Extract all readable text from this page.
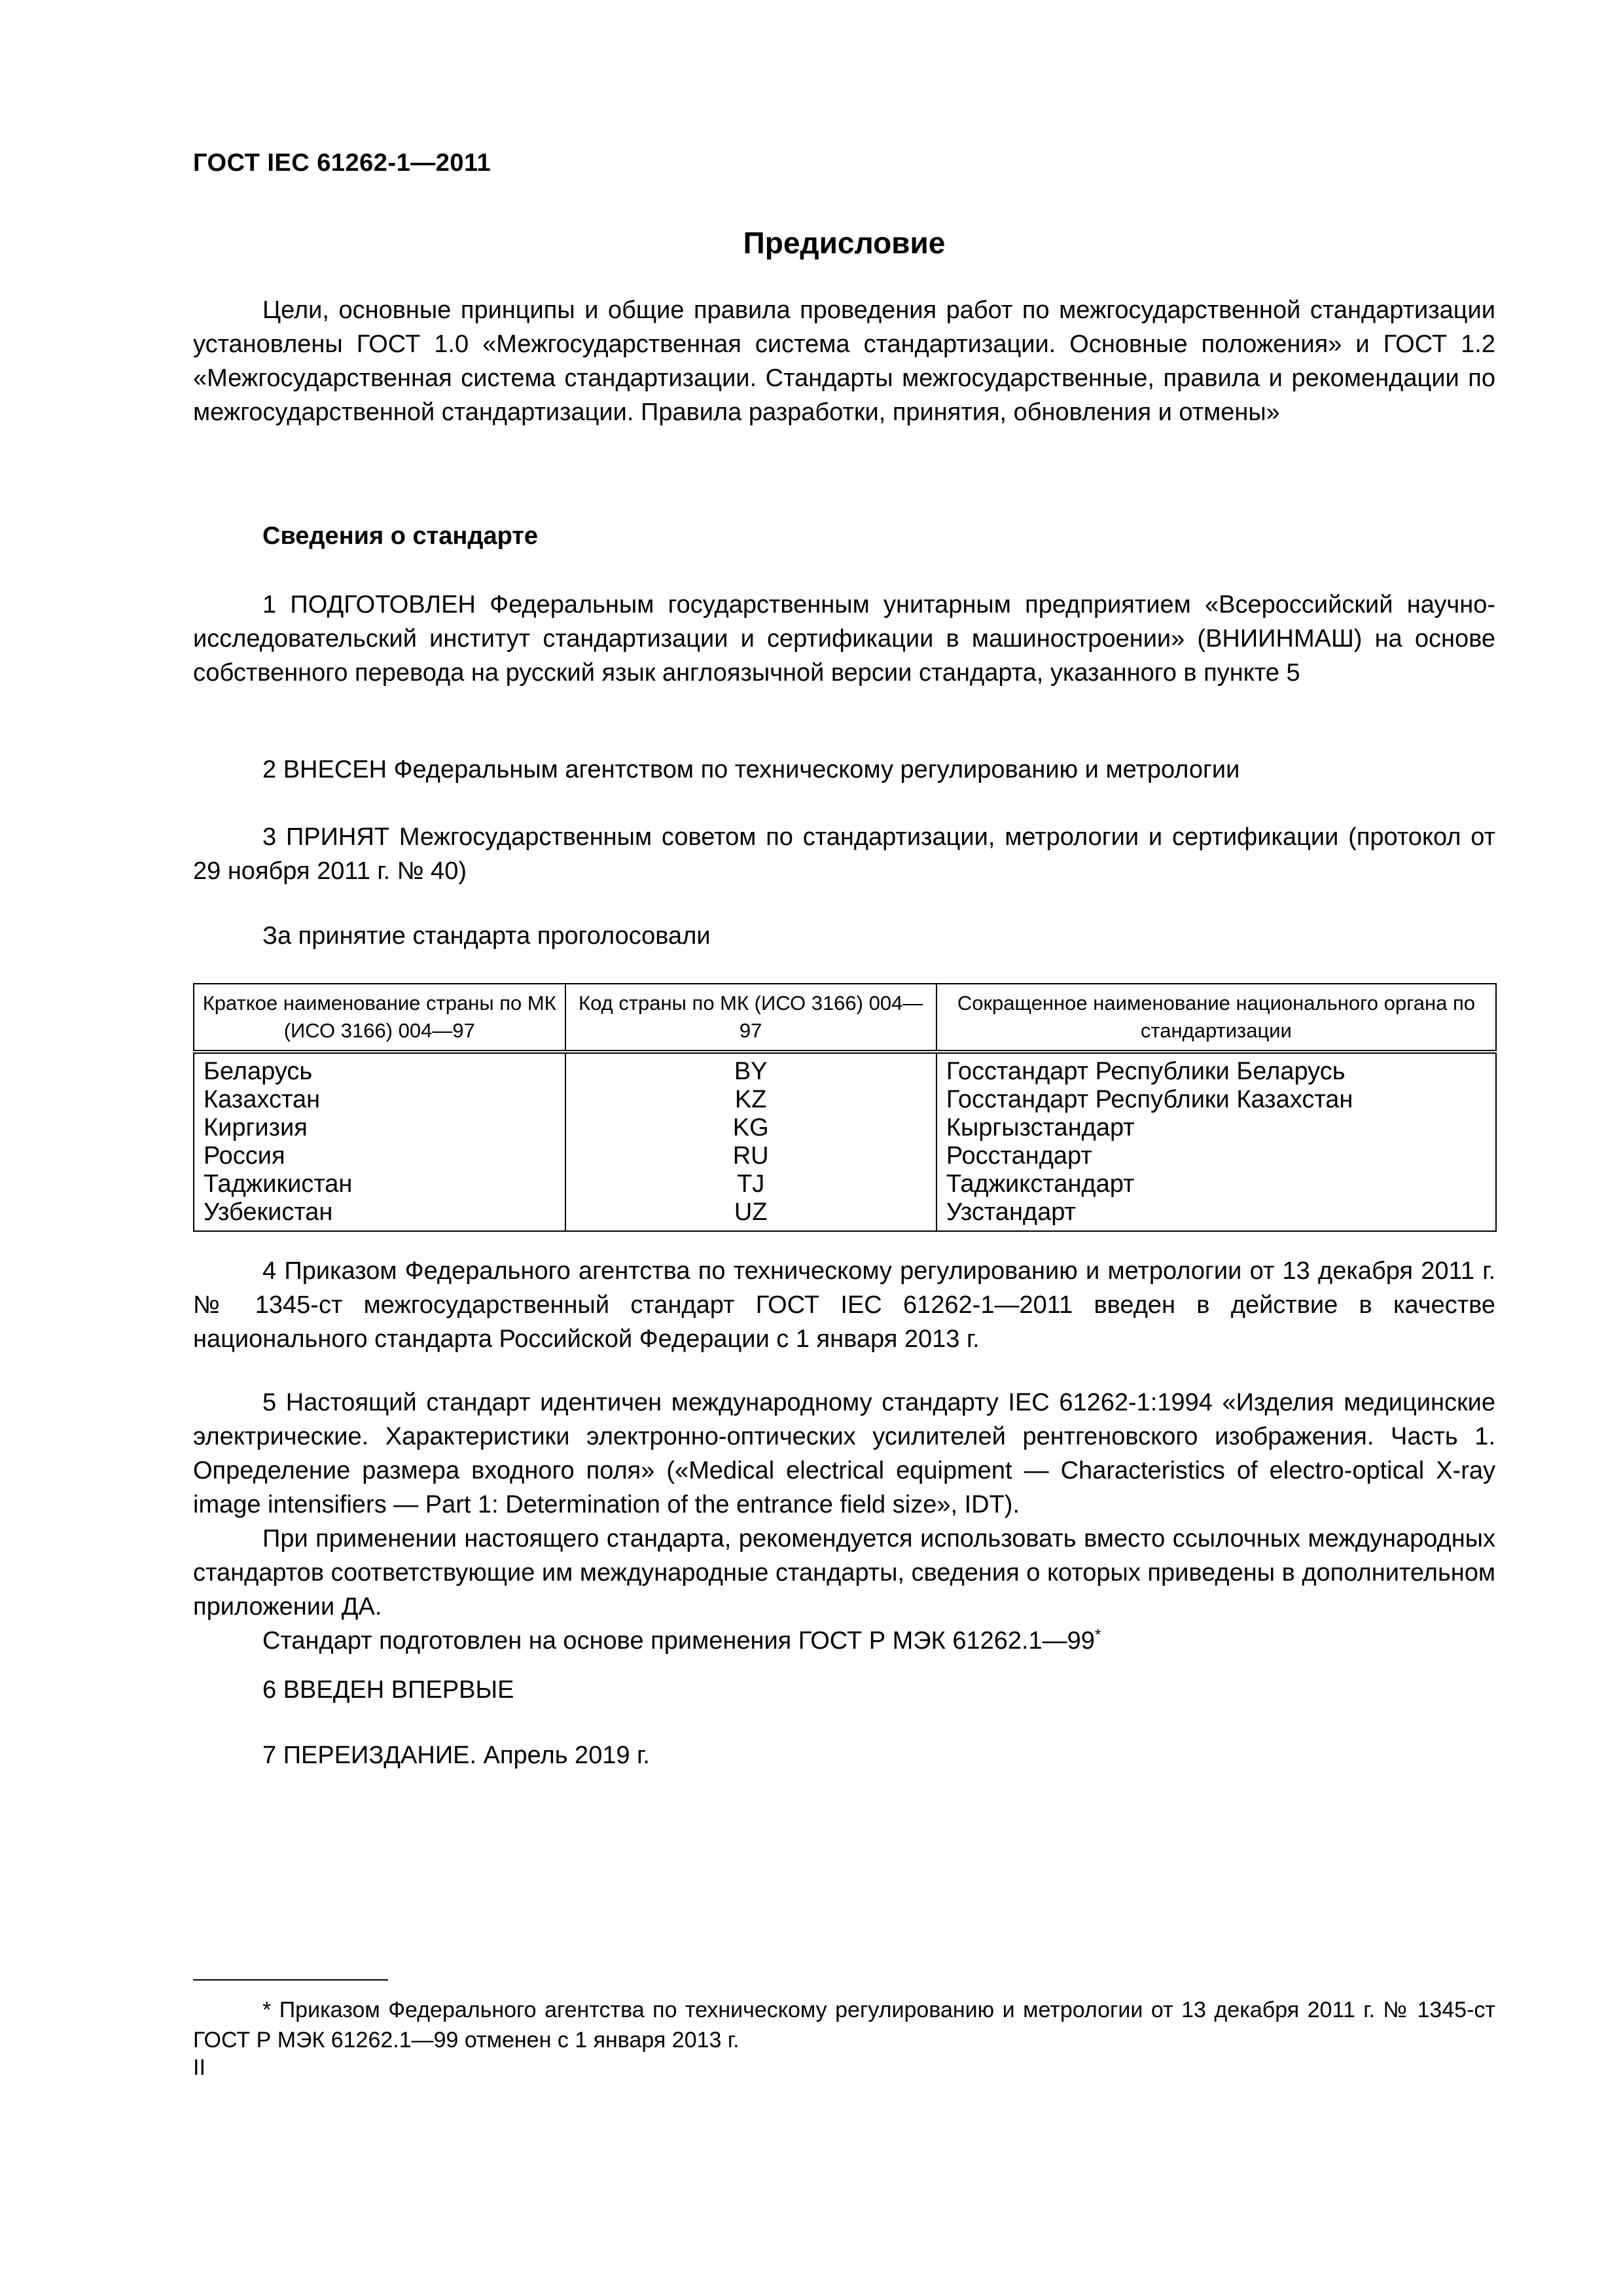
ГОСТ IEC 61262-1—2011
Предисловие

Цели, основные принципы и общие правила проведения работ по межгосударственной стандартизации установлены ГОСТ 1.0 «Межгосударственная система стандартизации. Основные положения» и ГОСТ 1.2 «Межгосударственная система стандартизации. Стандарты межгосударственные, правила и рекомендации по межгосударственной стандартизации. Правила разработки, принятия, обновления и отмены»

Сведения о стандарте

1 ПОДГОТОВЛЕН Федеральным государственным унитарным предприятием «Всероссийский научно-исследовательский институт стандартизации и сертификации в машиностроении» (ВНИИНМАШ) на основе собственного перевода на русский язык англоязычной версии стандарта, указанного в пункте 5

2 ВНЕСЕН Федеральным агентством по техническому регулированию и метрологии

3 ПРИНЯТ Межгосударственным советом по стандартизации, метрологии и сертификации (протокол от 29 ноября 2011 г. № 40)

За принятие стандарта проголосовали
Краткое наименование страны по МК (ИСО 3166) 004—97	Код страны по МК (ИСО 3166) 004—97	Сокращенное наименование национального органа по стандартизации
Беларусь	BY	Госстандарт Республики Беларусь
Казахстан	KZ	Госстандарт Республики Казахстан
Киргизия	KG	Кыргызстандарт
Россия	RU	Росстандарт
Таджикистан	TJ	Таджикстандарт
Узбекистан	UZ	Узстандарт

4 Приказом Федерального агентства по техническому регулированию и метрологии от 13 декабря 2011 г. № 1345-ст межгосударственный стандарт ГОСТ IEC 61262-1—2011 введен в действие в качестве национального стандарта Российской Федерации с 1 января 2013 г.

5 Настоящий стандарт идентичен международному стандарту IEC 61262-1:1994 «Изделия медицинские электрические. Характеристики электронно-оптических усилителей рентгеновского изображения. Часть 1. Определение размера входного поля» («Medical electrical equipment — Characteristics of electro-optical X-ray image intensifiers — Part 1: Determination of the entrance field size», IDT).

При применении настоящего стандарта, рекомендуется использовать вместо ссылочных международных стандартов соответствующие им международные стандарты, сведения о которых приведены в дополнительном приложении ДА.

Стандарт подготовлен на основе применения ГОСТ Р МЭК 61262.1—99*

6 ВВЕДЕН ВПЕРВЫЕ
7 ПЕРЕИЗДАНИЕ. Апрель 2019 г.

* Приказом Федерального агентства по техническому регулированию и метрологии от 13 декабря 2011 г. № 1345-ст ГОСТ Р МЭК 61262.1—99 отменен с 1 января 2013 г.

II
